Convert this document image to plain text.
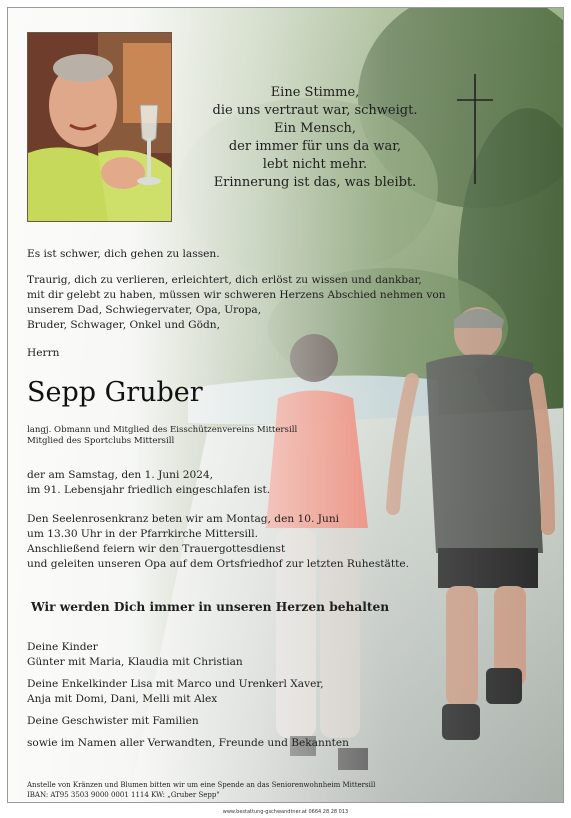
Eine Stimme,
die uns vertraut war, schweigt.
Ein Mensch,
der immer für uns da war,
lebt nicht mehr.
Erinnerung ist das, was bleibt.
Es ist schwer, dich gehen zu lassen.
Traurig, dich zu verlieren, erleichtert, dich erlöst zu wissen und dankbar,
mit dir gelebt zu haben, müssen wir schweren Herzens Abschied nehmen von
unserem Dad, Schwiegervater, Opa, Uropa,
Bruder, Schwager, Onkel und Gödn,
Herrn
Sepp Gruber
langj. Obmann und Mitglied des Eisschützenvereins Mittersill
Mitglied des Sportclubs Mittersill
der am Samstag, den 1. Juni 2024,
im 91. Lebensjahr friedlich eingeschlafen ist.
Den Seelenrosenkranz beten wir am Montag, den 10. Juni
um 13.30 Uhr in der Pfarrkirche Mittersill.
Anschließend feiern wir den Trauergottesdienst
und geleiten unseren Opa auf dem Ortsfriedhof zur letzten Ruhestätte.
Wir werden Dich immer in unseren Herzen behalten
Deine Kinder
Günter mit Maria, Klaudia mit Christian
Deine Enkelkinder Lisa mit Marco und Urenkerl Xaver,
Anja mit Domi, Dani, Melli mit Alex
Deine Geschwister mit Familien
sowie im Namen aller Verwandten, Freunde und Bekannten
Anstelle von Kränzen und Blumen bitten wir um eine Spende an das Seniorenwohnheim Mittersill
IBAN: AT95 3503 9000 0001 1114 KW: „Gruber Sepp"
www.bestattung-gschwandtner.at 0664 28 28 013
